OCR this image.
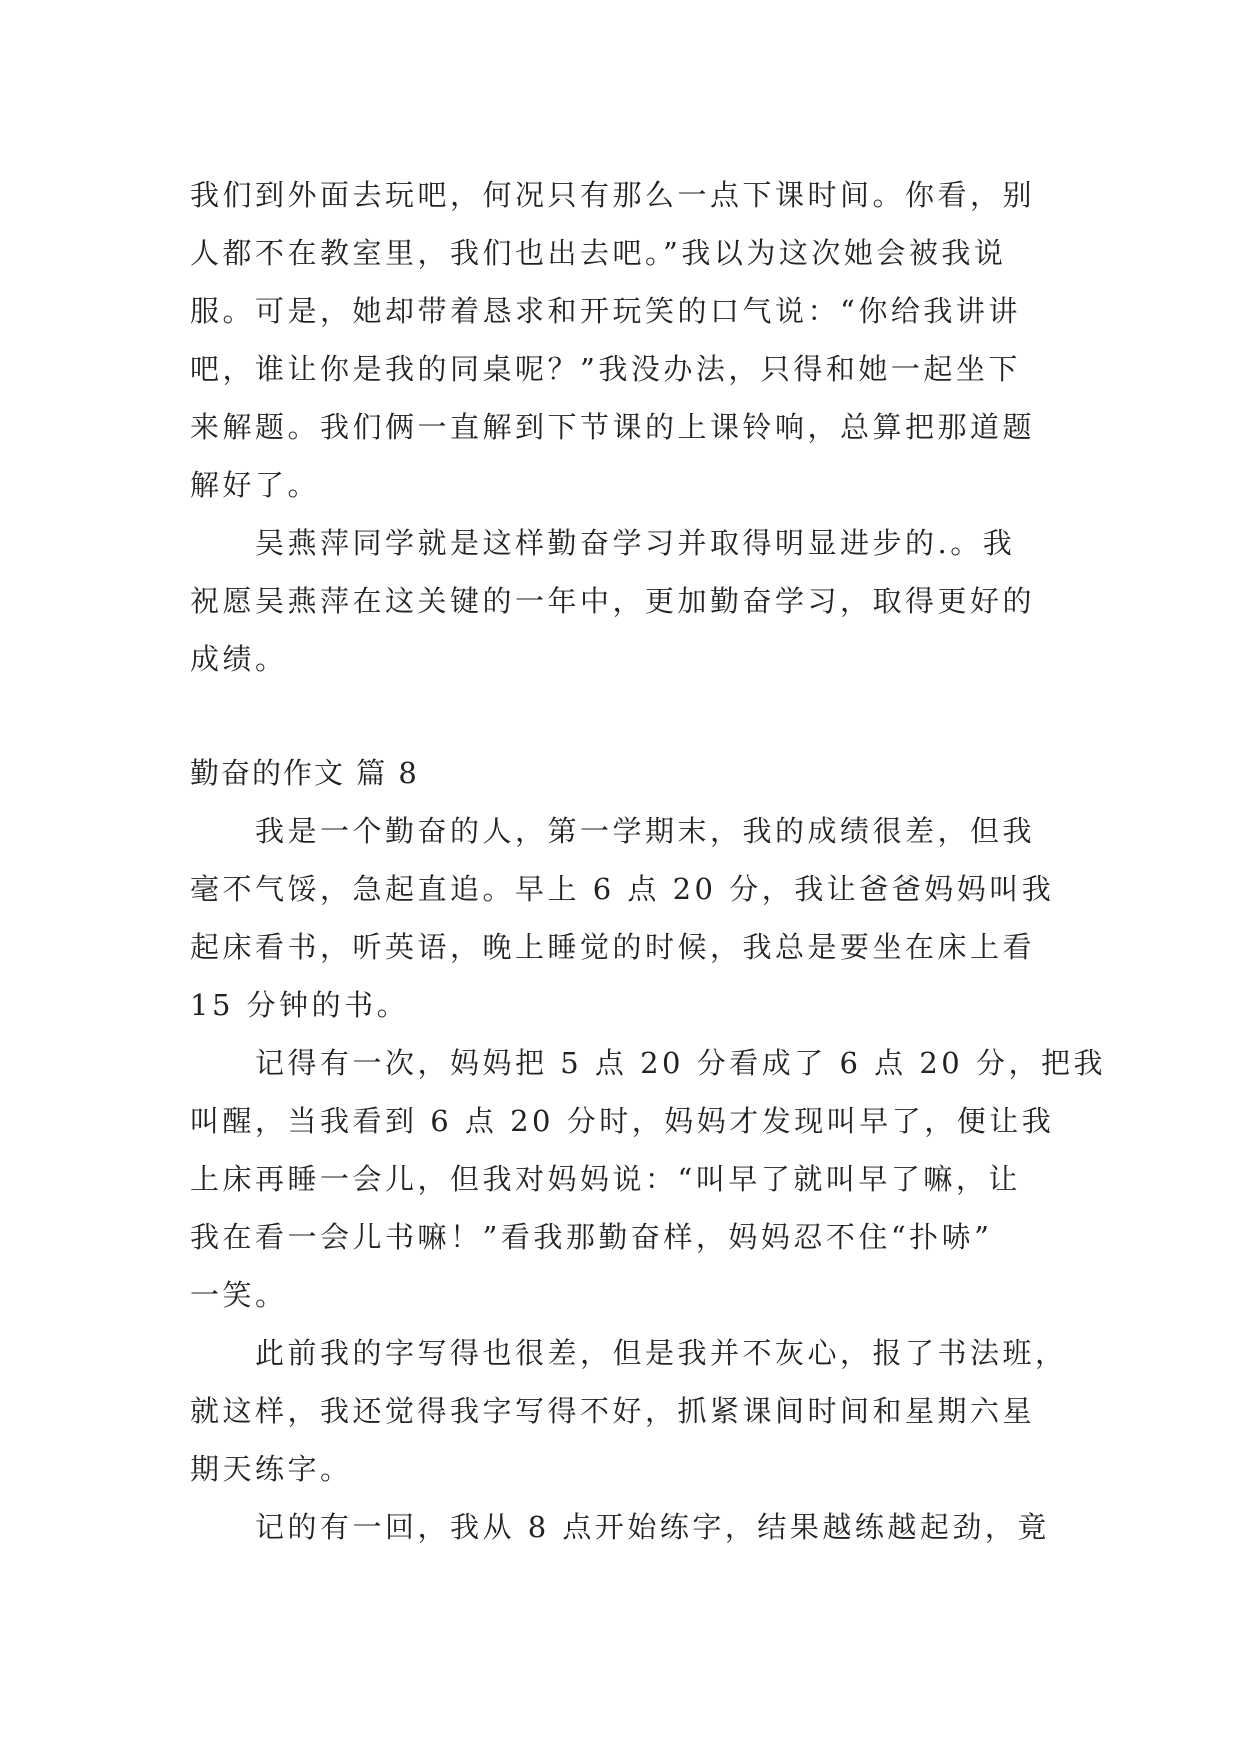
我们到外面去玩吧，何况只有那么一点下课时间。你看，别
人都不在教室里，我们也出去吧。”我以为这次她会被我说
服。可是，她却带着恳求和开玩笑的口气说：“你给我讲讲
吧，谁让你是我的同桌呢？”我没办法，只得和她一起坐下
来解题。我们俩一直解到下节课的上课铃响，总算把那道题
解好了。
　　吴燕萍同学就是这样勤奋学习并取得明显进步的.。我
祝愿吴燕萍在这关键的一年中，更加勤奋学习，取得更好的
成绩。
勤奋的作文 篇 8
　　我是一个勤奋的人，第一学期末，我的成绩很差，但我
毫不气馁，急起直追。早上 6 点 20 分，我让爸爸妈妈叫我
起床看书，听英语，晚上睡觉的时候，我总是要坐在床上看
15 分钟的书。
　　记得有一次，妈妈把 5 点 20 分看成了 6 点 20 分，把我
叫醒，当我看到 6 点 20 分时，妈妈才发现叫早了，便让我
上床再睡一会儿，但我对妈妈说：“叫早了就叫早了嘛，让
我在看一会儿书嘛！”看我那勤奋样，妈妈忍不住“扑哧”
一笑。
　　此前我的字写得也很差，但是我并不灰心，报了书法班，
就这样，我还觉得我字写得不好，抓紧课间时间和星期六星
期天练字。
　　记的有一回，我从 8 点开始练字，结果越练越起劲，竟
